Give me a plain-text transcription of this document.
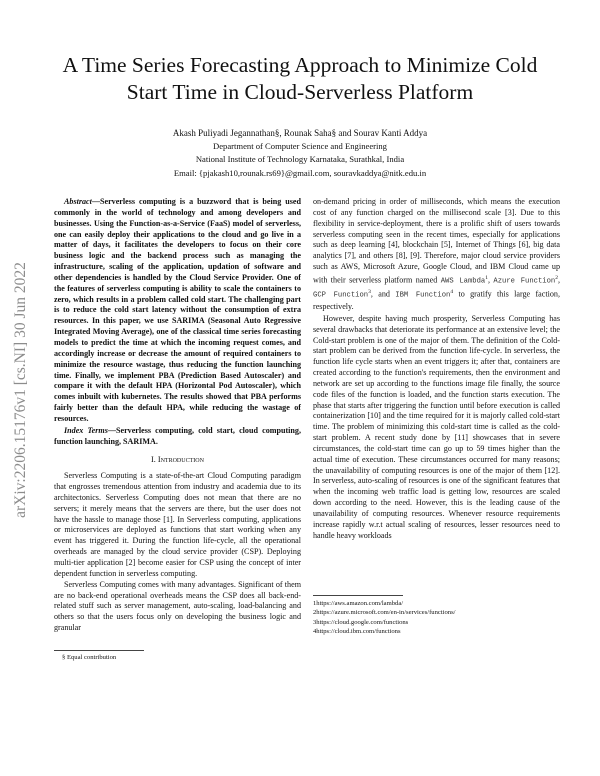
arXiv:2206.15176v1 [cs.NI] 30 Jun 2022
A Time Series Forecasting Approach to Minimize Cold Start Time in Cloud-Serverless Platform
Akash Puliyadi Jegannathan§, Rounak Saha§ and Sourav Kanti Addya
Department of Computer Science and Engineering
National Institute of Technology Karnataka, Surathkal, India
Email: {pjakash10,rounak.rs69}@gmail.com, souravkaddya@nitk.edu.in

Abstract—Serverless computing is a buzzword that is being used commonly in the world of technology and among developers and businesses. Using the Function-as-a-Service (FaaS) model of serverless, one can easily deploy their applications to the cloud and go live in a matter of days, it facilitates the developers to focus on their core business logic and the backend process such as managing the infrastructure, scaling of the application, updation of software and other dependencies is handled by the Cloud Service Provider. One of the features of serverless computing is ability to scale the containers to zero, which results in a problem called cold start. The challenging part is to reduce the cold start latency without the consumption of extra resources. In this paper, we use SARIMA (Seasonal Auto Regressive Integrated Moving Average), one of the classical time series forecasting models to predict the time at which the incoming request comes, and accordingly increase or decrease the amount of required containers to minimize the resource wastage, thus reducing the function launching time. Finally, we implement PBA (Prediction Based Autoscaler) and compare it with the default HPA (Horizontal Pod Autoscaler), which comes inbuilt with kubernetes. The results showed that PBA performs fairly better than the default HPA, while reducing the wastage of resources.

Index Terms—Serverless computing, cold start, cloud computing, function launching, SARIMA.

I. Introduction

Serverless Computing is a state-of-the-art Cloud Computing paradigm that engrosses tremendous attention from industry and academia due to its architectonics. Serverless Computing does not mean that there are no servers; it merely means that the servers are there, but the user does not have the hassle to manage those [1]. In Serverless computing, applications or microservices are deployed as functions that start working when any event has triggered it. During the function life-cycle, all the operational overheads are managed by the cloud service provider (CSP). Deploying multi-tier application [2] become easier for CSP using the concept of inter dependent function in serverless computing.

Serverless Computing comes with many advantages. Significant of them are no back-end operational overheads means the CSP does all back-end-related stuff such as server management, auto-scaling, load-balancing and others so that the users focus only on developing the business logic and granular

§ Equal contribution

on-demand pricing in order of milliseconds, which means the execution cost of any function charged on the millisecond scale [3]. Due to this flexibility in service-deployment, there is a prolific shift of users towards serverless computing seen in the recent times, especially for applications such as deep learning [4], blockchain [5], Internet of Things [6], big data analytics [7], and others [8], [9]. Therefore, major cloud service providers such as AWS, Microsoft Azure, Google Cloud, and IBM Cloud came up with their serverless platform named AWS Lambda$^1$, Azure Function$^2$, GCP Function$^3$, and IBM Function$^4$ to gratify this large faction, respectively.

However, despite having much prosperity, Serverless Computing has several drawbacks that deteriorate its performance at an extensive level; the Cold-start problem is one of the major of them. The definition of the Cold-start problem can be derived from the function life-cycle. In serverless, the function life cycle starts when an event triggers it; after that, containers are created according to the function's requirements, then the environment and network are set up according to the functions image file finally, the source code files of the function is loaded, and the function starts execution. The phase that starts after triggering the function until before execution is called containerization [10] and the time required for it is majorly called cold-start time. The problem of minimizing this cold-start time is called as the cold-start problem. A recent study done by [11] showcases that in severe circumstances, the cold-start time can go up to 59 times higher than the actual time of execution. These circumstances occurred for many reasons; the unavailability of computing resources is one of the major of them [12]. In serverless, auto-scaling of resources is one of the significant features that when the incoming web traffic load is getting low, resources are scaled down according to the need. However, this is the leading cause of the unavailability of computing resources. Whenever resource requirements increase rapidly w.r.t actual scaling of resources, lesser resources need to handle heavy workloads

1https://aws.amazon.com/lambda/
2https://azure.microsoft.com/en-in/services/functions/
3https://cloud.google.com/functions
4https://cloud.ibm.com/functions
